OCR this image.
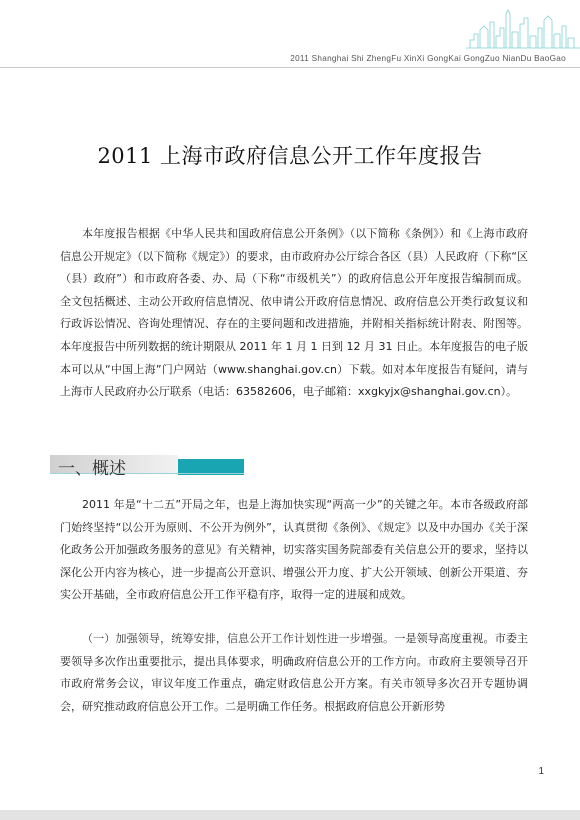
2011 Shanghai Shi ZhengFu XinXi GongKai GongZuo NianDu BaoGao
2011 上海市政府信息公开工作年度报告

本年度报告根据《中华人民共和国政府信息公开条例》（以下简称《条例》）和《上海市政府信息公开规定》（以下简称《规定》）的要求，由市政府办公厅综合各区（县）人民政府（下称“区（县）政府”）和市政府各委、办、局（下称“市级机关”）的政府信息公开年度报告编制而成。全文包括概述、主动公开政府信息情况、依申请公开政府信息情况、政府信息公开类行政复议和行政诉讼情况、咨询处理情况、存在的主要问题和改进措施，并附相关指标统计附表、附图等。本年度报告中所列数据的统计期限从 2011 年 1 月 1 日到 12 月 31 日止。本年度报告的电子版本可以从“中国上海”门户网站（www.shanghai.gov.cn）下载。如对本年度报告有疑问，请与上海市人民政府办公厅联系（电话：63582606，电子邮箱：xxgkyjx@shanghai.gov.cn）。

一、概述

2011 年是“十二五”开局之年，也是上海加快实现“两高一少”的关键之年。本市各级政府部门始终坚持“以公开为原则、不公开为例外”，认真贯彻《条例》、《规定》以及中办国办《关于深化政务公开加强政务服务的意见》有关精神，切实落实国务院部委有关信息公开的要求，坚持以深化公开内容为核心，进一步提高公开意识、增强公开力度、扩大公开领域、创新公开渠道、夯实公开基础，全市政府信息公开工作平稳有序，取得一定的进展和成效。

（一）加强领导，统筹安排，信息公开工作计划性进一步增强。一是领导高度重视。市委主要领导多次作出重要批示，提出具体要求，明确政府信息公开的工作方向。市政府主要领导召开市政府常务会议，审议年度工作重点，确定财政信息公开方案。有关市领导多次召开专题协调会，研究推动政府信息公开工作。二是明确工作任务。根据政府信息公开新形势

1
